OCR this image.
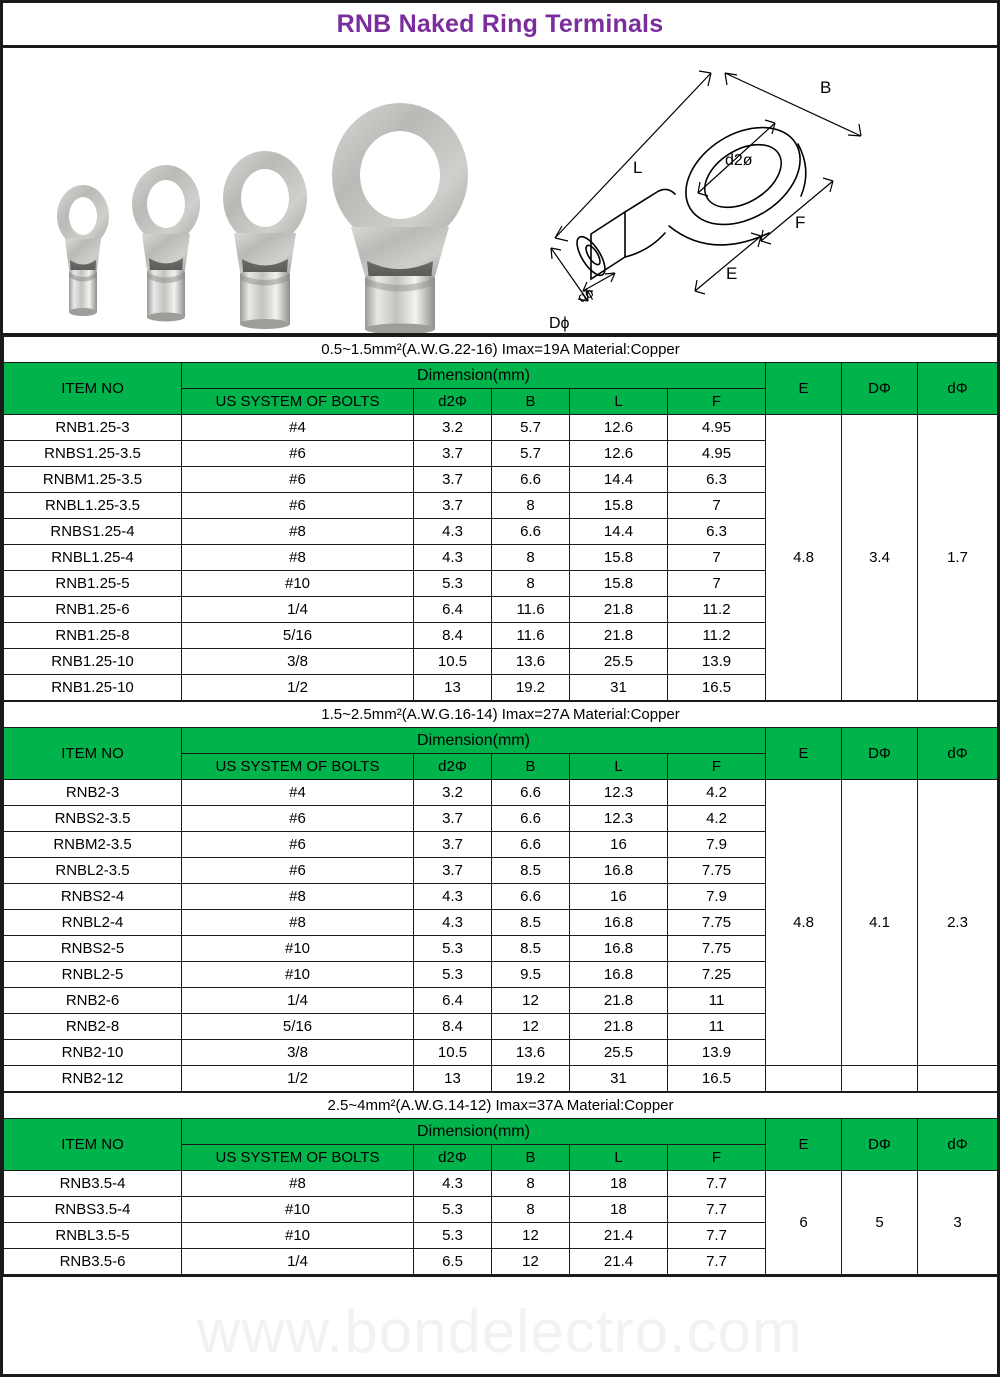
RNB Naked Ring Terminals
L
B
d2ø
F
E
Dϕ
dϕ
0.5~1.5mm²(A.W.G.22-16) Imax=19A Material:Copper								
ITEM NO	Dimension(mm)					E	DΦ	dΦ
	US SYSTEM OF BOLTS	d2Φ	B	L	F			
RNB1.25-3	#4	3.2	5.7	12.6	4.95	4.8	3.4	1.7
RNBS1.25-3.5	#6	3.7	5.7	12.6	4.95			
RNBM1.25-3.5	#6	3.7	6.6	14.4	6.3			
RNBL1.25-3.5	#6	3.7	8	15.8	7			
RNBS1.25-4	#8	4.3	6.6	14.4	6.3			
RNBL1.25-4	#8	4.3	8	15.8	7			
RNB1.25-5	#10	5.3	8	15.8	7			
RNB1.25-6	1/4	6.4	11.6	21.8	11.2			
RNB1.25-8	5/16	8.4	11.6	21.8	11.2			
RNB1.25-10	3/8	10.5	13.6	25.5	13.9			
RNB1.25-10	1/2	13	19.2	31	16.5			
1.5~2.5mm²(A.W.G.16-14) Imax=27A Material:Copper								
ITEM NO	Dimension(mm)					E	DΦ	dΦ
	US SYSTEM OF BOLTS	d2Φ	B	L	F			
RNB2-3	#4	3.2	6.6	12.3	4.2	4.8	4.1	2.3
RNBS2-3.5	#6	3.7	6.6	12.3	4.2			
RNBM2-3.5	#6	3.7	6.6	16	7.9			
RNBL2-3.5	#6	3.7	8.5	16.8	7.75			
RNBS2-4	#8	4.3	6.6	16	7.9			
RNBL2-4	#8	4.3	8.5	16.8	7.75			
RNBS2-5	#10	5.3	8.5	16.8	7.75			
RNBL2-5	#10	5.3	9.5	16.8	7.25			
RNB2-6	1/4	6.4	12	21.8	11			
RNB2-8	5/16	8.4	12	21.8	11			
RNB2-10	3/8	10.5	13.6	25.5	13.9			
RNB2-12	1/2	13	19.2	31	16.5			
2.5~4mm²(A.W.G.14-12) Imax=37A Material:Copper								
ITEM NO	Dimension(mm)					E	DΦ	dΦ
	US SYSTEM OF BOLTS	d2Φ	B	L	F			
RNB3.5-4	#8	4.3	8	18	7.7	6	5	3
RNBS3.5-4	#10	5.3	8	18	7.7			
RNBL3.5-5	#10	5.3	12	21.4	7.7			
RNB3.5-6	1/4	6.5	12	21.4	7.7			
www.bondelectro.com
